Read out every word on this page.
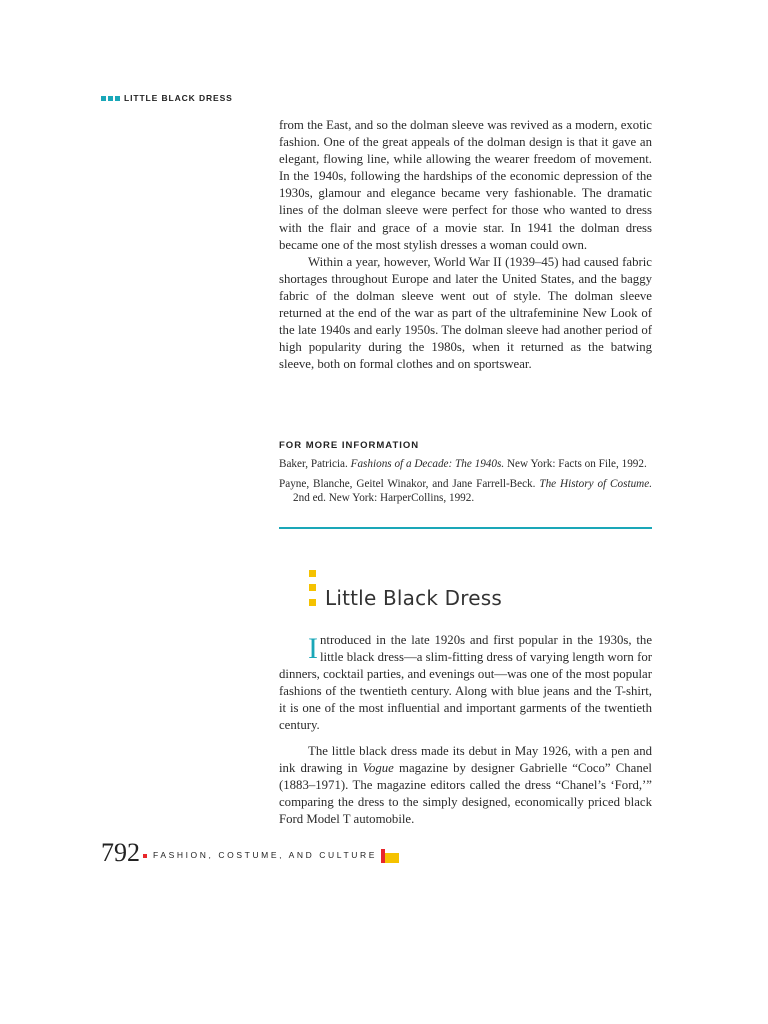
LITTLE BLACK DRESS

from the East, and so the dolman sleeve was revived as a modern, exotic fashion. One of the great appeals of the dolman design is that it gave an elegant, flowing line, while allowing the wearer freedom of movement. In the 1940s, following the hardships of the economic depression of the 1930s, glamour and elegance became very fashionable. The dramatic lines of the dolman sleeve were perfect for those who wanted to dress with the flair and grace of a movie star. In 1941 the dolman dress became one of the most stylish dresses a woman could own.

Within a year, however, World War II (1939–45) had caused fabric shortages throughout Europe and later the United States, and the baggy fabric of the dolman sleeve went out of style. The dolman sleeve returned at the end of the war as part of the ultrafeminine New Look of the late 1940s and early 1950s. The dolman sleeve had another period of high popularity during the 1980s, when it returned as the batwing sleeve, both on formal clothes and on sportswear.

FOR MORE INFORMATION
Baker, Patricia. Fashions of a Decade: The 1940s. New York: Facts on File, 1992.
Payne, Blanche, Geitel Winakor, and Jane Farrell-Beck. The History of Costume. 2nd ed. New York: HarperCollins, 1992.
Little Black Dress

Introduced in the late 1920s and first popular in the 1930s, the little black dress—a slim-fitting dress of varying length worn for dinners, cocktail parties, and evenings out—was one of the most popular fashions of the twentieth century. Along with blue jeans and the T-shirt, it is one of the most influential and important garments of the twentieth century.

The little black dress made its debut in May 1926, with a pen and ink drawing in Vogue magazine by designer Gabrielle “Coco” Chanel (1883–1971). The magazine editors called the dress “Chanel’s ‘Ford,’” comparing the dress to the simply designed, economically priced black Ford Model T automobile.

792 FASHION, COSTUME, AND CULTURE
